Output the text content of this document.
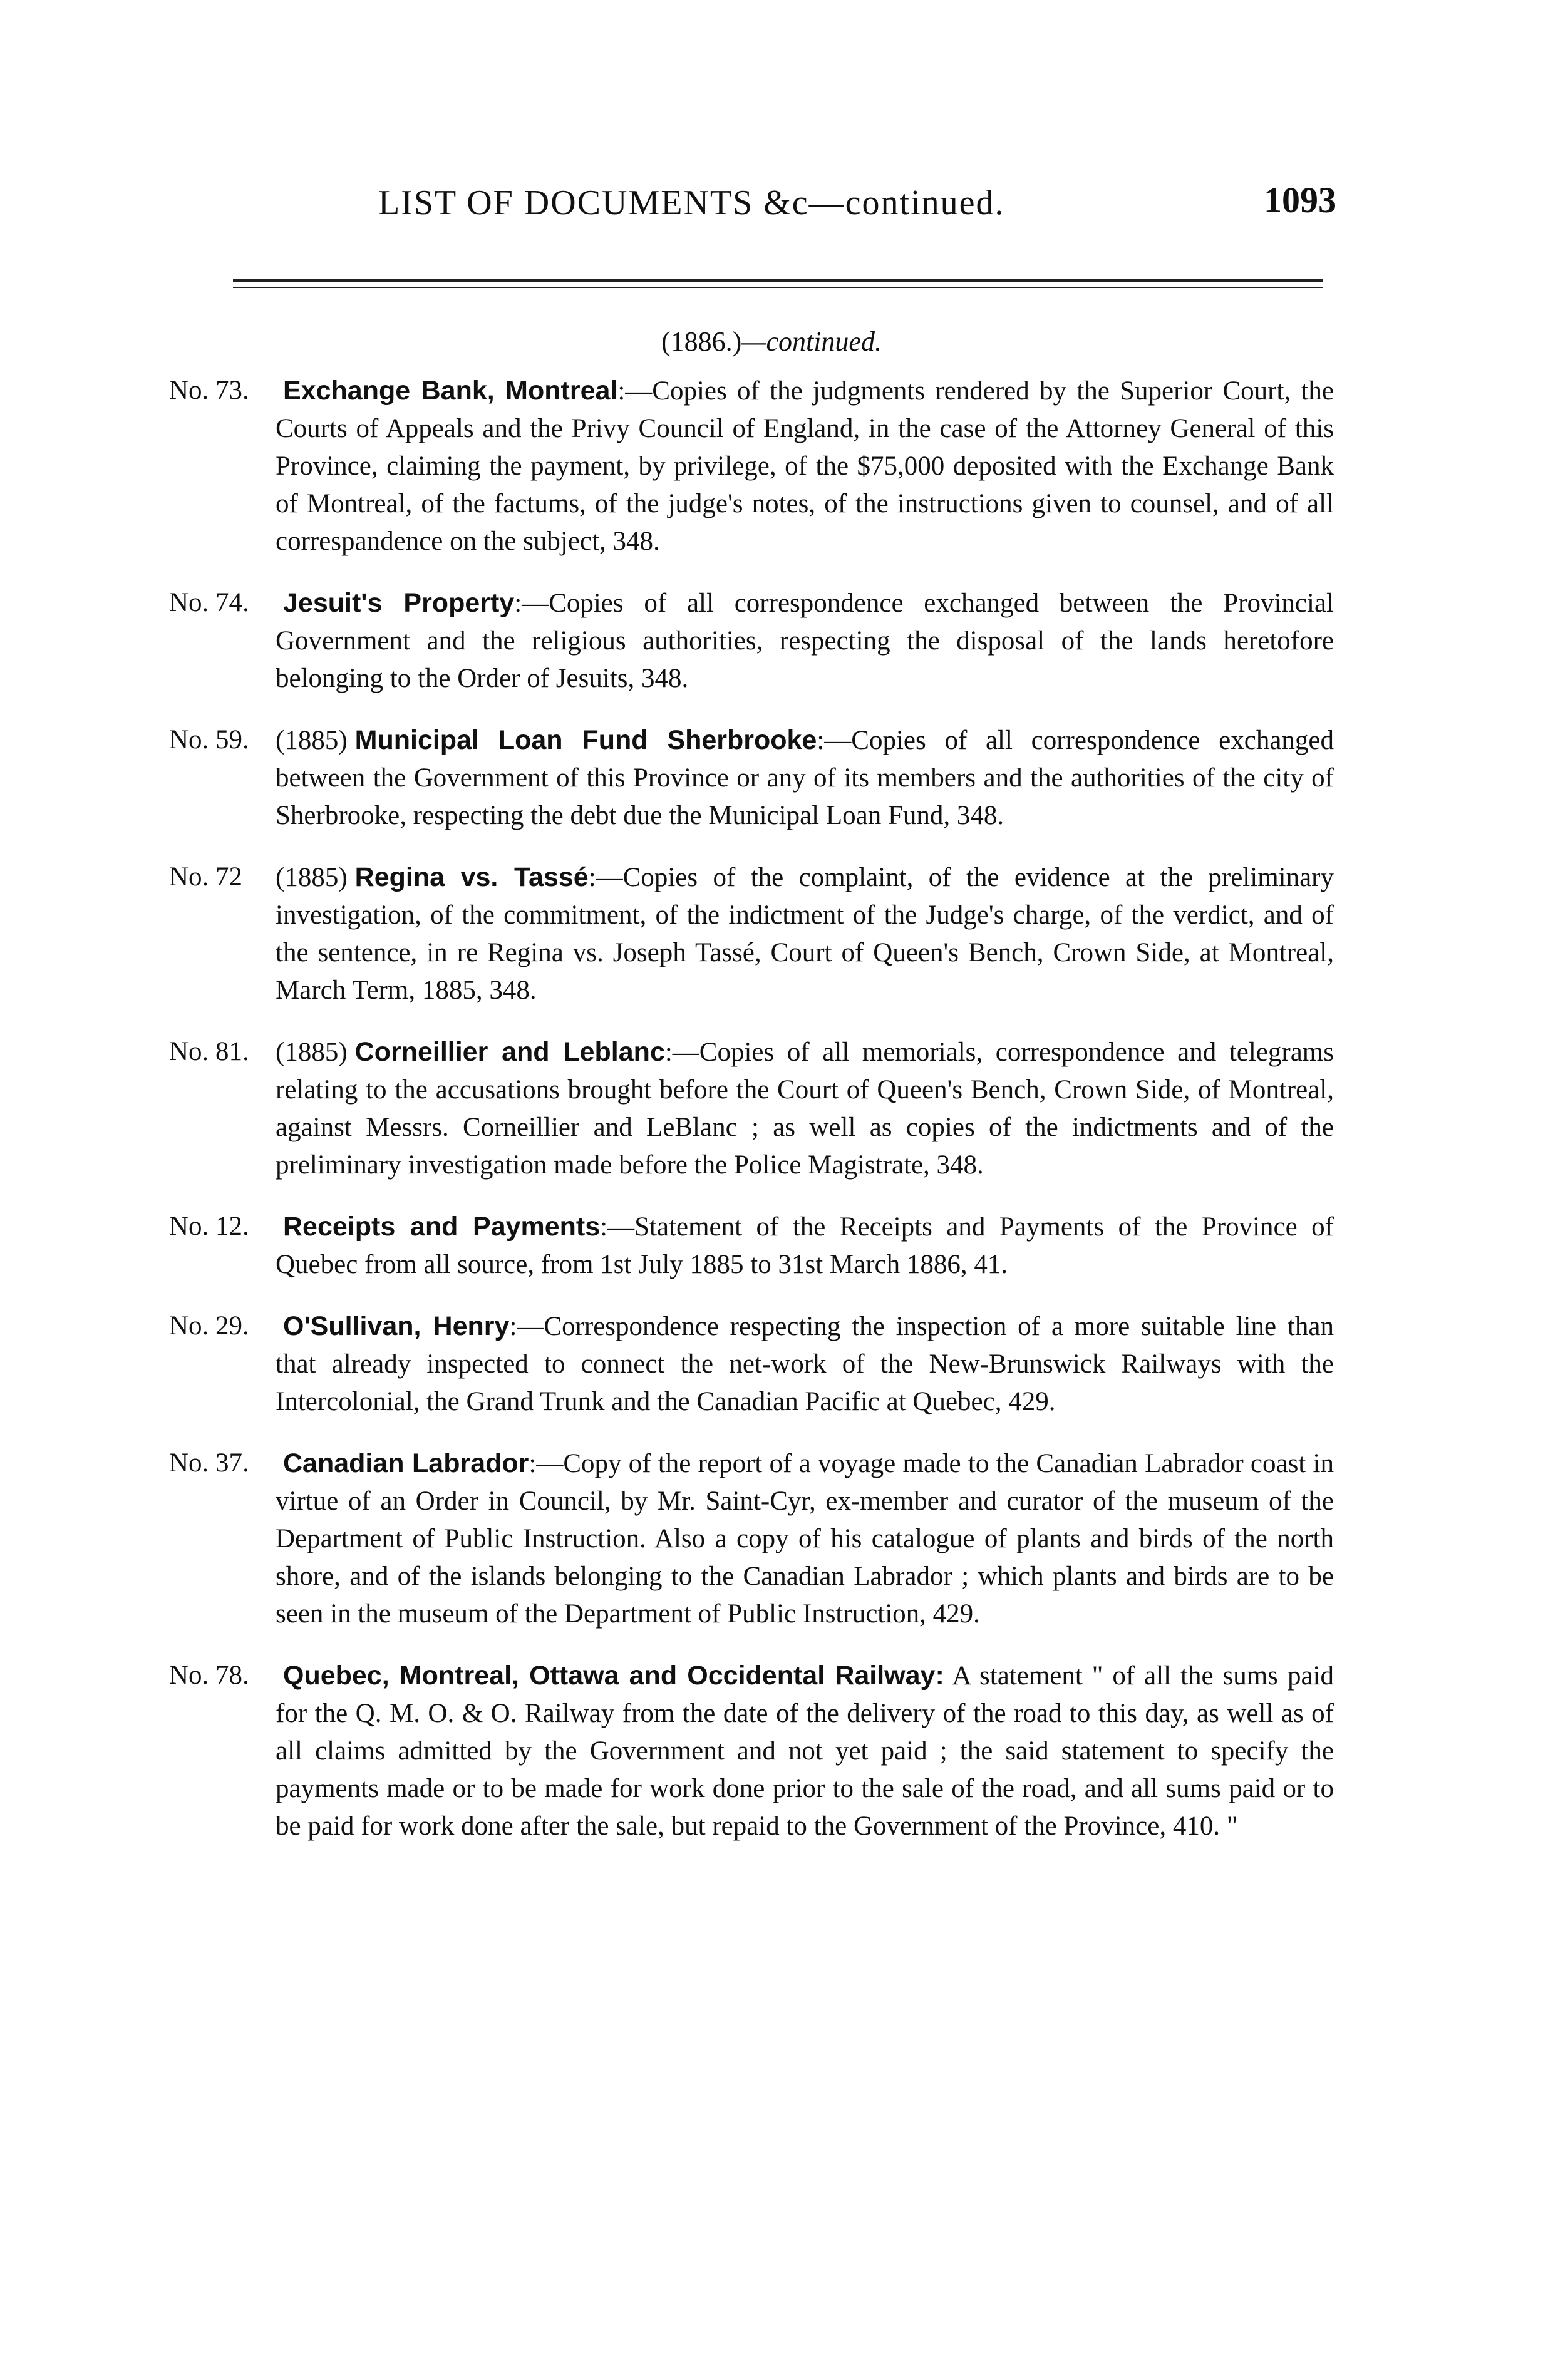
LIST OF DOCUMENTS &c—continued.	1093
(1886.)—continued.
No. 73. Exchange Bank, Montreal:—Copies of the judgments rendered by the Superior Court, the Courts of Appeals and the Privy Council of England, in the case of the Attorney General of this Province, claiming the payment, by privilege, of the $75,000 deposited with the Exchange Bank of Montreal, of the factums, of the judge's notes, of the instructions given to counsel, and of all correspandence on the subject, 348.
No. 74. Jesuit's Property:—Copies of all correspondence exchanged between the Provincial Government and the religious authorities, respecting the disposal of the lands heretofore belonging to the Order of Jesuits, 348.
No. 59. (1885) Municipal Loan Fund Sherbrooke:—Copies of all correspondence exchanged between the Government of this Province or any of its members and the authorities of the city of Sherbrooke, respecting the debt due the Municipal Loan Fund, 348.
No. 72 (1885) Regina vs. Tassé:—Copies of the complaint, of the evidence at the preliminary investigation, of the commitment, of the indictment of the Judge's charge, of the verdict, and of the sentence, in re Regina vs. Joseph Tassé, Court of Queen's Bench, Crown Side, at Montreal, March Term, 1885, 348.
No. 81. (1885) Corneillier and Leblanc:—Copies of all memorials, correspondence and telegrams relating to the accusations brought before the Court of Queen's Bench, Crown Side, of Montreal, against Messrs. Corneillier and LeBlanc ; as well as copies of the indictments and of the preliminary investigation made before the Police Magistrate, 348.
No. 12. Receipts and Payments:—Statement of the Receipts and Payments of the Province of Quebec from all source, from 1st July 1885 to 31st March 1886, 41.
No. 29. O'Sullivan, Henry:—Correspondence respecting the inspection of a more suitable line than that already inspected to connect the net-work of the New-Brunswick Railways with the Intercolonial, the Grand Trunk and the Canadian Pacific at Quebec, 429.
No. 37. Canadian Labrador:—Copy of the report of a voyage made to the Canadian Labrador coast in virtue of an Order in Council, by Mr. Saint-Cyr, ex-member and curator of the museum of the Department of Public Instruction. Also a copy of his catalogue of plants and birds of the north shore, and of the islands belonging to the Canadian Labrador ; which plants and birds are to be seen in the museum of the Department of Public Instruction, 429.
No. 78. Quebec, Montreal, Ottawa and Occidental Railway: A statement " of all the sums paid for the Q. M. O. & O. Railway from the date of the delivery of the road to this day, as well as of all claims admitted by the Government and not yet paid ; the said statement to specify the payments made or to be made for work done prior to the sale of the road, and all sums paid or to be paid for work done after the sale, but repaid to the Government of the Province, 410. "
